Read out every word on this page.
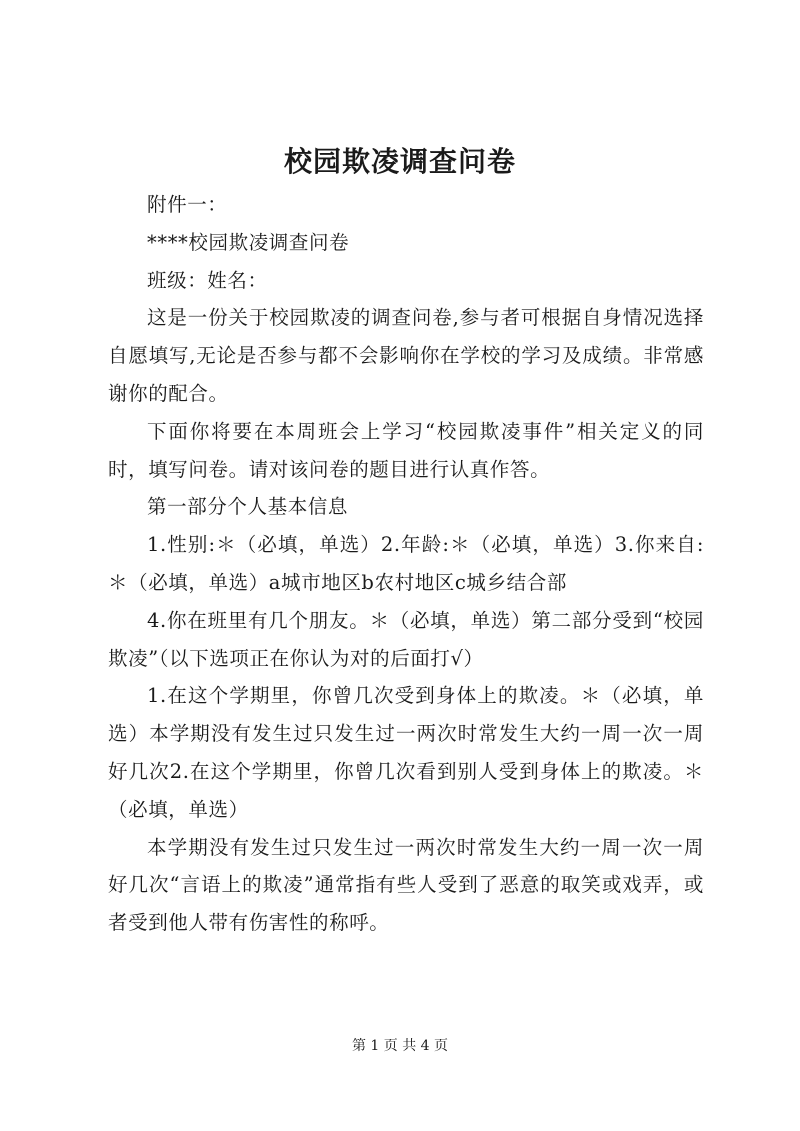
校园欺凌调查问卷

附件一：

****校园欺凌调查问卷

班级：姓名：

这是一份关于校园欺凌的调查问卷,参与者可根据自身情况选择自愿填写,无论是否参与都不会影响你在学校的学习及成绩。非常感谢你的配合。

下面你将要在本周班会上学习“校园欺凌事件”相关定义的同时，填写问卷。请对该问卷的题目进行认真作答。

第一部分个人基本信息

1.性别:＊（必填，单选）2.年龄:＊（必填，单选）3.你来自:＊（必填，单选）a城市地区b农村地区c城乡结合部

4.你在班里有几个朋友。＊（必填，单选）第二部分受到“校园欺凌”（以下选项正在你认为对的后面打√）

1.在这个学期里，你曾几次受到身体上的欺凌。＊（必填，单选）本学期没有发生过只发生过一两次时常发生大约一周一次一周好几次2.在这个学期里，你曾几次看到别人受到身体上的欺凌。＊（必填，单选）

本学期没有发生过只发生过一两次时常发生大约一周一次一周好几次“言语上的欺凌”通常指有些人受到了恶意的取笑或戏弄，或者受到他人带有伤害性的称呼。

第 1 页 共 4 页
